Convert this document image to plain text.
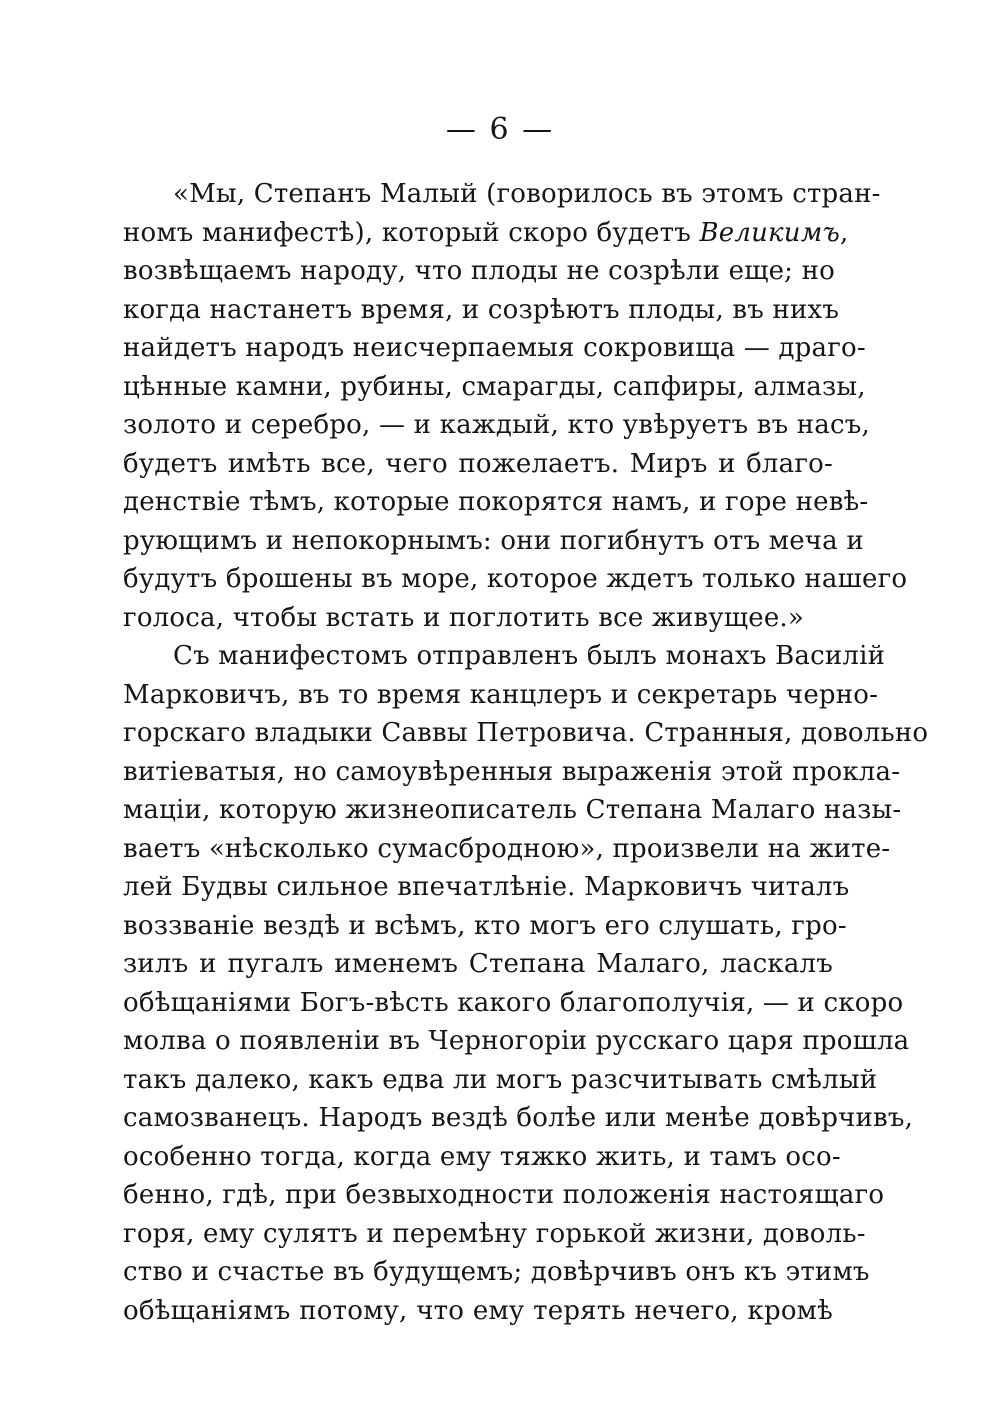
— 6 —
«Мы, Степанъ Малый (говорилось въ этомъ стран-
номъ манифестѣ), который скоро будетъ Великимъ,
возвѣщаемъ народу, что плоды не созрѣли еще; но
когда настанетъ время, и созрѣютъ плоды, въ нихъ
найдетъ народъ неисчерпаемыя сокровища — драго-
цѣнные камни, рубины, смарагды, сапфиры, алмазы,
золото и серебро, — и каждый, кто увѣруетъ въ насъ,
будетъ имѣть все, чего пожелаетъ. Миръ и благо-
денствіе тѣмъ, которые покорятся намъ, и горе невѣ-
рующимъ и непокорнымъ: они погибнутъ отъ меча и
будутъ брошены въ море, которое ждетъ только нашего
голоса, чтобы встать и поглотить все живущее.»
Съ манифестомъ отправленъ былъ монахъ Василій
Марковичъ, въ то время канцлеръ и секретарь черно-
горскаго владыки Саввы Петровича. Странныя, довольно
витіеватыя, но самоувѣренныя выраженія этой прокла-
маціи, которую жизнеописатель Степана Малаго назы-
ваетъ «нѣсколько сумасбродною», произвели на жите-
лей Будвы сильное впечатлѣніе. Марковичъ читалъ
воззваніе вездѣ и всѣмъ, кто могъ его слушать, гро-
зилъ и пугалъ именемъ Степана Малаго, ласкалъ
обѣщаніями Богъ-вѣсть какого благополучія, — и скоро
молва о появленіи въ Черногоріи русскаго царя прошла
такъ далеко, какъ едва ли могъ разсчитывать смѣлый
самозванецъ. Народъ вездѣ болѣе или менѣе довѣрчивъ,
особенно тогда, когда ему тяжко жить, и тамъ осо-
бенно, гдѣ, при безвыходности положенія настоящаго
горя, ему сулятъ и перемѣну горькой жизни, доволь-
ство и счастье въ будущемъ; довѣрчивъ онъ къ этимъ
обѣщаніямъ потому, что ему терять нечего, кромѣ
